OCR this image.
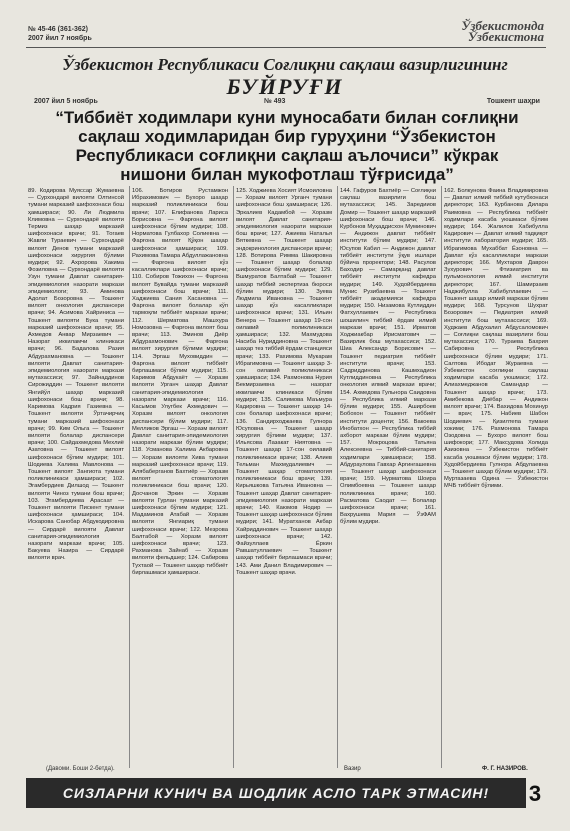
№ 45-46 (361-362)
2007 йил 7 ноябрь
Ўзбекистонда
Ўзбекистона
Ўзбекистон Республикаси Соғлиқни сақлаш вазирлигининг
БУЙРУҒИ
2007 йил 5 ноябрь	№ 493	Тошкент шаҳри
“Тиббиёт ходимлари куни муносабати билан соғлиқни сақлаш ходимларидан бир гуруҳини “Ўзбекистон Республикаси соғлиқни сақлаш аълочиси” кўкрак нишони билан мукофотлаш тўғрисида”

89. Кодирова Муяссар Жумаевна — Сурхондарё вилояти Олтинсой тумани марказий шифохонаси бош ҳамшираси; 90. Ли Людмила Климовна — Сурхондарё вилояти Термиз шаҳар марказий шифохонаси врачи; 91. Тогаев Жавли Тураевич — Сурхондарё вилоят Денов тумани марказий шифохонаси хирургия бўлими мудири; 92. Ахророва Хакима Фозиловна — Сурхондарё вилояти Узун тумани Давлат санитария-эпидемиология назорати маркази эпидемиологи; 93. Аминова Адолат Бозоровна — Тошкент вилоят онкология диспансери врачи; 94. Асимова Хайриниса — Тошкент вилояти Бука тумани марказий шифохонаси врачи; 95. Ахмедов Анвар Мирзаевич — Назорат иккиламчи клиникаси врачи; 96. Бадалова Разия Абдурахмановна — Тошкент вилояти Давлат санитария-эпидемиология назорати маркази мутахассиси; 97. Зайнаддинов Сирожиддин — Тошкент вилояти Янгийўл шаҳар марказий шифохонаси бош врачи; 98. Каримова Кадрия Газиевна — Тошкент вилояти Ўртачирчиқ тумани марказий шифохонаси врачи; 99. Ким Ольга — Тошкент вилояти болалар диспансери врачи; 100. Сайдахмедова Мехлиё Азатовна — Тошкент вилоят шифохонаси бўлим мудири; 101. Шодиева Халима Мавлонова — Тошкент вилоят Зангиота тумани поликлиникаси ҳамшираси; 102. Эгамбердиев Дилшод — Тошкент вилояти Чиноз тумани бош врачи; 103. Эгамбердиева Арасаат — Тошкент вилояти Пискент тумани шифохонаси ҳамшираси; 104. Искарова Санобар Абдукодировна — Сирдарё вилояти Давлат санитария-эпидемиология назорати маркази врачи; 105. Бакуева Назира — Сирдарё вилояти врач.

106. Ботиров Рустамжон Ибрахимович — Бухоро шаҳар марказий поликлиникаси бош врачи; 107. Елифанова Лариса Борисовна — Фарғона вилоят шифохонаси бўлим мудири; 108. Норматова Гулбахор Солиевна — Фарғона вилоят Қўқон шаҳар шифохонаси ҳамшираси; 109. Рахимова Тамара Абдуллажановна — Фарғона вилоят кўз касалликлари шифохонаси врачи; 110. Собиров Тожихон — Фарғона вилоят Бувайда тумани марказий шифохонаси бош врачи; 111. Хаджиева Сания Хасановна — Фарғона вилоят болалар кўп тармоқли тиббиёт маркази врачи; 112. Шерматова Машхура Номозовна — Фарғона вилоят бош врачи; 113. Эминов Диёр Абдурахмонович — Фарғона вилоят хирургия бўлими мудири; 114. Эргаш Муховиддин — Фарғона вилоят тиббиёт бирлашмаси бўлим мудири; 115. Каримов Абдукаёт — Хоразм вилояти Урганч шаҳар Давлат санитария-эпидемиология назорати маркази врачи; 116. Касымов Улугбек Ахмедович — Хоразм вилоят онкология диспансери бўлим мудири; 117. Мелликов Эргаш — Хоразм вилоят Давлат санитария-эпидемиология назорати маркази бўлим мудири; 118. Усманова Халима Акбаровна — Хоразм вилояти Хива тумани марказий шифохонаси врачи; 119. Алябаберганов Бахтиёр — Хоразм вилоят стоматология поликлиникаси бош врачи; 120. Досчанов Эркин — Хоразм вилояти Гурлан тумани марказий шифохонаси бўлим мудири; 121. Мадаминов Атабай — Хоразм вилояти Янгиариқ тумани шифохонаси врачи; 122. Мезрова Балтабой — Хоразм вилоят шифохонаси врачи; 123. Рахманова Зайнаб — Хоразм вилояти фельдшер; 124. Сабирова Тухтаой — Тошкент шаҳар тиббиёт бирлашмаси ҳамшираси.

125. Ходжиева Хосият Исмоиловна — Хоразм вилоят Урганч тумани шифохонаси бош ҳамшираси; 126. Эркалиев Кадамбой — Хоразм вилоят Давлат санитария-эпидемиология назорати маркази бош врачи; 127. Ажиева Наталья Вяткевна — Тошкент шаҳар эндокринология диспансери врачи; 128. Вотирова Римма Шакировна — Тошкент шаҳар болалар шифохонаси бўлим мудири; 129. Вшмуратов Балтабай — Тошкент шаҳар тиббий экспертиза бюроси бўлим мудири; 130. Зуева Людмила Ивановна — Тошкент шаҳар кўз касалликлари шифохонаси врачи; 131. Ильин Венера — Тошкент шаҳар 19-сон оилавий поликлиникаси ҳамшираси; 132. Махмудова Насиба Нуриддиновна — Тошкент шаҳар тез тиббий ёрдам станцияси врачи; 133. Рахимова Мукарам Ибрагимовна — Тошкент шаҳар 3-сон оилавий поликлиникаси ҳамшираси; 134. Рахмонова Нурия Бекмирзаевна — назорат иккиламчи клиникаси бўлим мудири; 135. Салимова Маъмура Кадировна — Тошкент шаҳар 14-сон болалар шифохонаси врачи; 136. Сандирходжаева Гулнора Юсуповна — Тошкент шаҳар хирургия бўлими мудири; 137. Ильясова Лазакат Ниятовна — Тошкент шаҳар 17-сон оилавий поликлиникаси врачи; 138. Алиев Тельман Махмудалиевич — Тошкент шаҳар стоматология поликлиникаси бош врачи; 139. Кирьяшкова Татьяна Ивановна — Тошкент шаҳар Давлат санитария-эпидемиология назорати маркази врачи; 140. Каюмов Нодир — Тошкент шаҳар шифохонаси бўлим мудири; 141. Муратханов Акбар Хайриддинович — Тошкент шаҳар шифохонаси врачи; 142. Файзуллаев Ёркин Равшатуллаевич — Тошкент шаҳар тиббиёт бирлашмаси врачи; 143. Ами Данил Владимирович — Тошкент шаҳар врачи.

144. Гафуров Бахтиёр — Соғлиқни сақлаш вазирлиги бош мутахассиси; 145. Заредииов Домир — Тошкент шаҳар марказий шифохонаси бош врачи; 146. Курбонов Муҳаддисхон Муминович — Андижон давлат тиббиёт институти бўлим мудири; 147. Юсупов Кабил — Андижон давлат тиббиёт институти ўқув ишлари бўйича проректори; 148. Расулов Баходир — Самарқанд давлат тиббиёт институти кафедра мудири; 149. Худойбердиева Мунис Рузибаевна — Тошкент тиббиёт академияси кафедра мудири; 150. Низамова Кутлиддин Фатхуллаевич — Республика шошилинч тиббий ёрдам илмий маркази врачи; 151. Ирматов Ходжиакбар Ирисматович — Вазирлик бош мутахассиси; 152. Шиа Александр Борисович — Тошкент педиатрия тиббиёт институти врачи; 153. Садриддинова Кашмхадион Кутлиддиновна — Республика онкология илмий маркази врачи; 154. Ахмедова Гульнора Саидовна — Республика илмий маркази бўлим мудири; 155. Аширбоев Бобохон — Тошкент тиббиёт институти доценти; 156. Вакоева Инобатхон — Республика тиббий ахборот маркази бўлим мудири; 157. Мокроцова Татьяна Алексеевна — Тиббий-санитария ходимлари ҳамшираси; 158. Абдураулова Гавхар Аргингашевна — Тошкент шаҳар шифохонаси врачи; 159. Нурматова Шоира Олимбоевна — Тошкент шаҳар поликлиника врачи; 160. Расматова Саодат — Болалар шифохонаси врачи; 161. Вахрушева Мария — ЎзФАМ бўлим мудири.

162. Болкунова Фаина Владимировна — Давлат илмий тиббий кутубхонаси директори; 163. Курбанова Дилара Раимовна — Республика тиббиёт ходимлари касаба уюшмаси бўлим мудири; 164. Жалилов Хабибулла Кадирович — Давлат илмий тадқиқот институти лаборатория мудири; 165. Ибрагимова Мухаббат Ёзоновна — Давлат кўз касалликлари маркази директори; 166. Мухтаров Даврон Зухурович — Фтизиатрия ва пульмонология илмий институти директори; 167. Шамирзаев Наджибулла Хабибуллаевич — Тошкент шаҳар илмий маркази бўлим мудири; 168. Турсунов Шухрат Бозорович — Педиатрия илмий институти бош мутахассиси; 169. Худжаев Абдухалил Абдусаломович — Соғлиқни сақлаш вазирлиги бош мутахассиси; 170. Тураева Бахрия Сабировна — Республика шифохонаси бўлим мудири; 171. Салтова Ибодат Жураевна — Ўзбекистон соғлиқни сақлаш ходимлари касаба уюшмаси; 172. Алиахмеджанов Самандар — Тошкент шаҳар врачи; 173. Амибекова Диёбар — Андижон вилоят врачи; 174. Вахидова Мохинур — врач; 175. Набиев Шабон Шодиевич — Қизилтепа тумани хокими; 176. Рахмонова Тамара Озодовна — Бухоро вилоят бош шифокори; 177. Максудова Холида Азизовна — Ўзбекистон тиббиёт касаба уюшмаси бўлим мудири; 178. Худойбердиева Гулнора Абдулаевна — Тошкент шаҳар бўлим мудири; 179. Муртазаева Одина — Ўзбекистон МЧБ тиббиёт бўлими.

(Давоми. Боши 2-бетда).	Вазир	Ф. Г. НАЗИРОВ.
СИЗЛАРНИ КУНИЧ ВА ШОДЛИК АСЛО ТАРК ЭТМАСИН!	3
